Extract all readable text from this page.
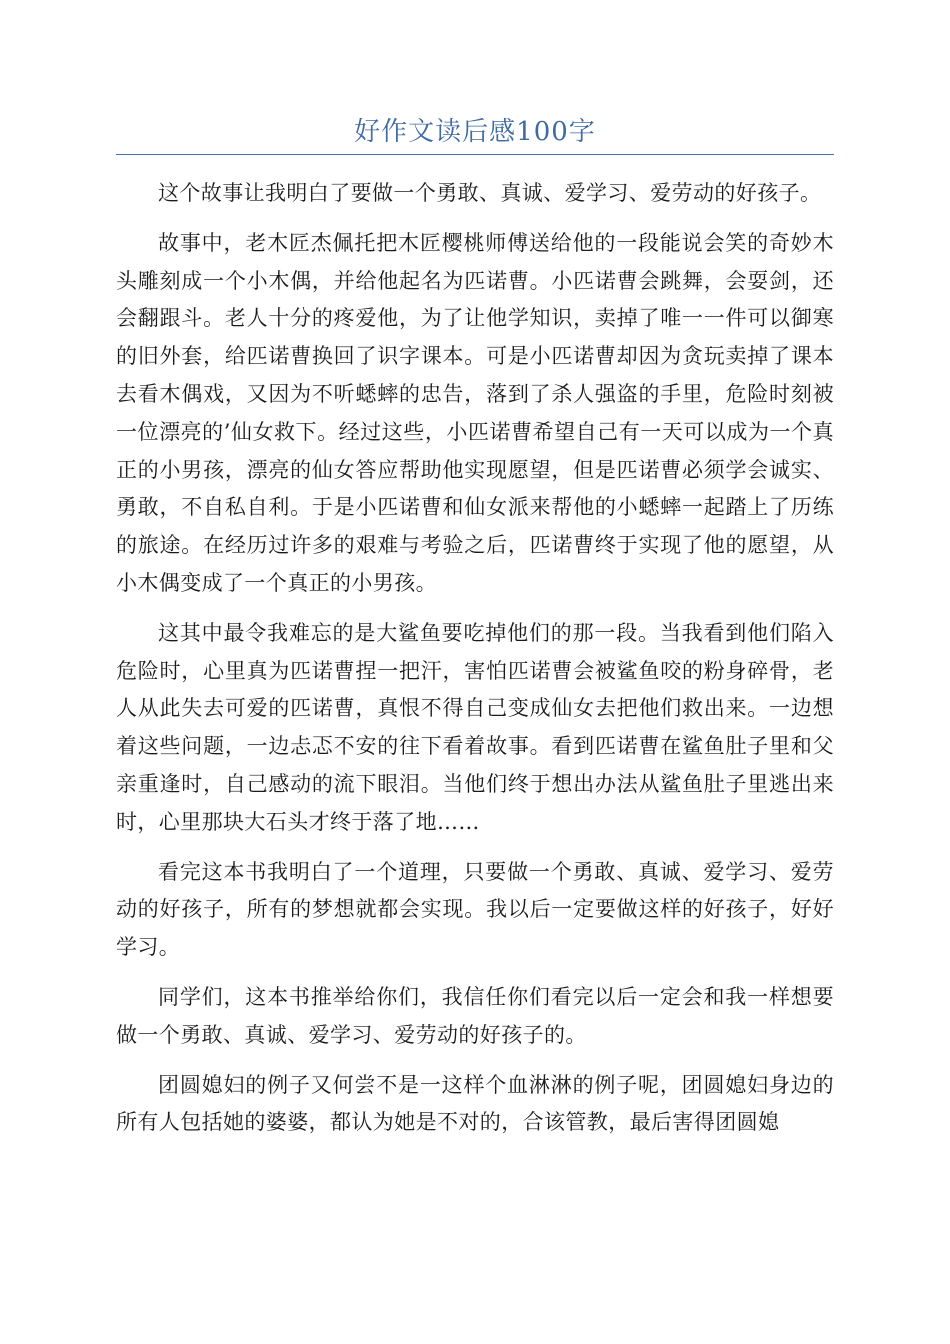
好作文读后感100字

这个故事让我明白了要做一个勇敢、真诚、爱学习、爱劳动的好孩子。

故事中，老木匠杰佩托把木匠樱桃师傅送给他的一段能说会笑的奇妙木头雕刻成一个小木偶，并给他起名为匹诺曹。小匹诺曹会跳舞，会耍剑，还会翻跟斗。老人十分的疼爱他，为了让他学知识，卖掉了唯一一件可以御寒的旧外套，给匹诺曹换回了识字课本。可是小匹诺曹却因为贪玩卖掉了课本去看木偶戏，又因为不听蟋蟀的忠告，落到了杀人强盗的手里，危险时刻被一位漂亮的’仙女救下。经过这些，小匹诺曹希望自己有一天可以成为一个真正的小男孩，漂亮的仙女答应帮助他实现愿望，但是匹诺曹必须学会诚实、勇敢，不自私自利。于是小匹诺曹和仙女派来帮他的小蟋蟀一起踏上了历练的旅途。在经历过许多的艰难与考验之后，匹诺曹终于实现了他的愿望，从小木偶变成了一个真正的小男孩。

这其中最令我难忘的是大鲨鱼要吃掉他们的那一段。当我看到他们陷入危险时，心里真为匹诺曹捏一把汗，害怕匹诺曹会被鲨鱼咬的粉身碎骨，老人从此失去可爱的匹诺曹，真恨不得自己变成仙女去把他们救出来。一边想着这些问题，一边忐忑不安的往下看着故事。看到匹诺曹在鲨鱼肚子里和父亲重逢时，自己感动的流下眼泪。当他们终于想出办法从鲨鱼肚子里逃出来时，心里那块大石头才终于落了地……

看完这本书我明白了一个道理，只要做一个勇敢、真诚、爱学习、爱劳动的好孩子，所有的梦想就都会实现。我以后一定要做这样的好孩子，好好学习。

同学们，这本书推举给你们，我信任你们看完以后一定会和我一样想要做一个勇敢、真诚、爱学习、爱劳动的好孩子的。

团圆媳妇的例子又何尝不是一这样个血淋淋的例子呢，团圆媳妇身边的所有人包括她的婆婆，都认为她是不对的，合该管教，最后害得团圆媳
